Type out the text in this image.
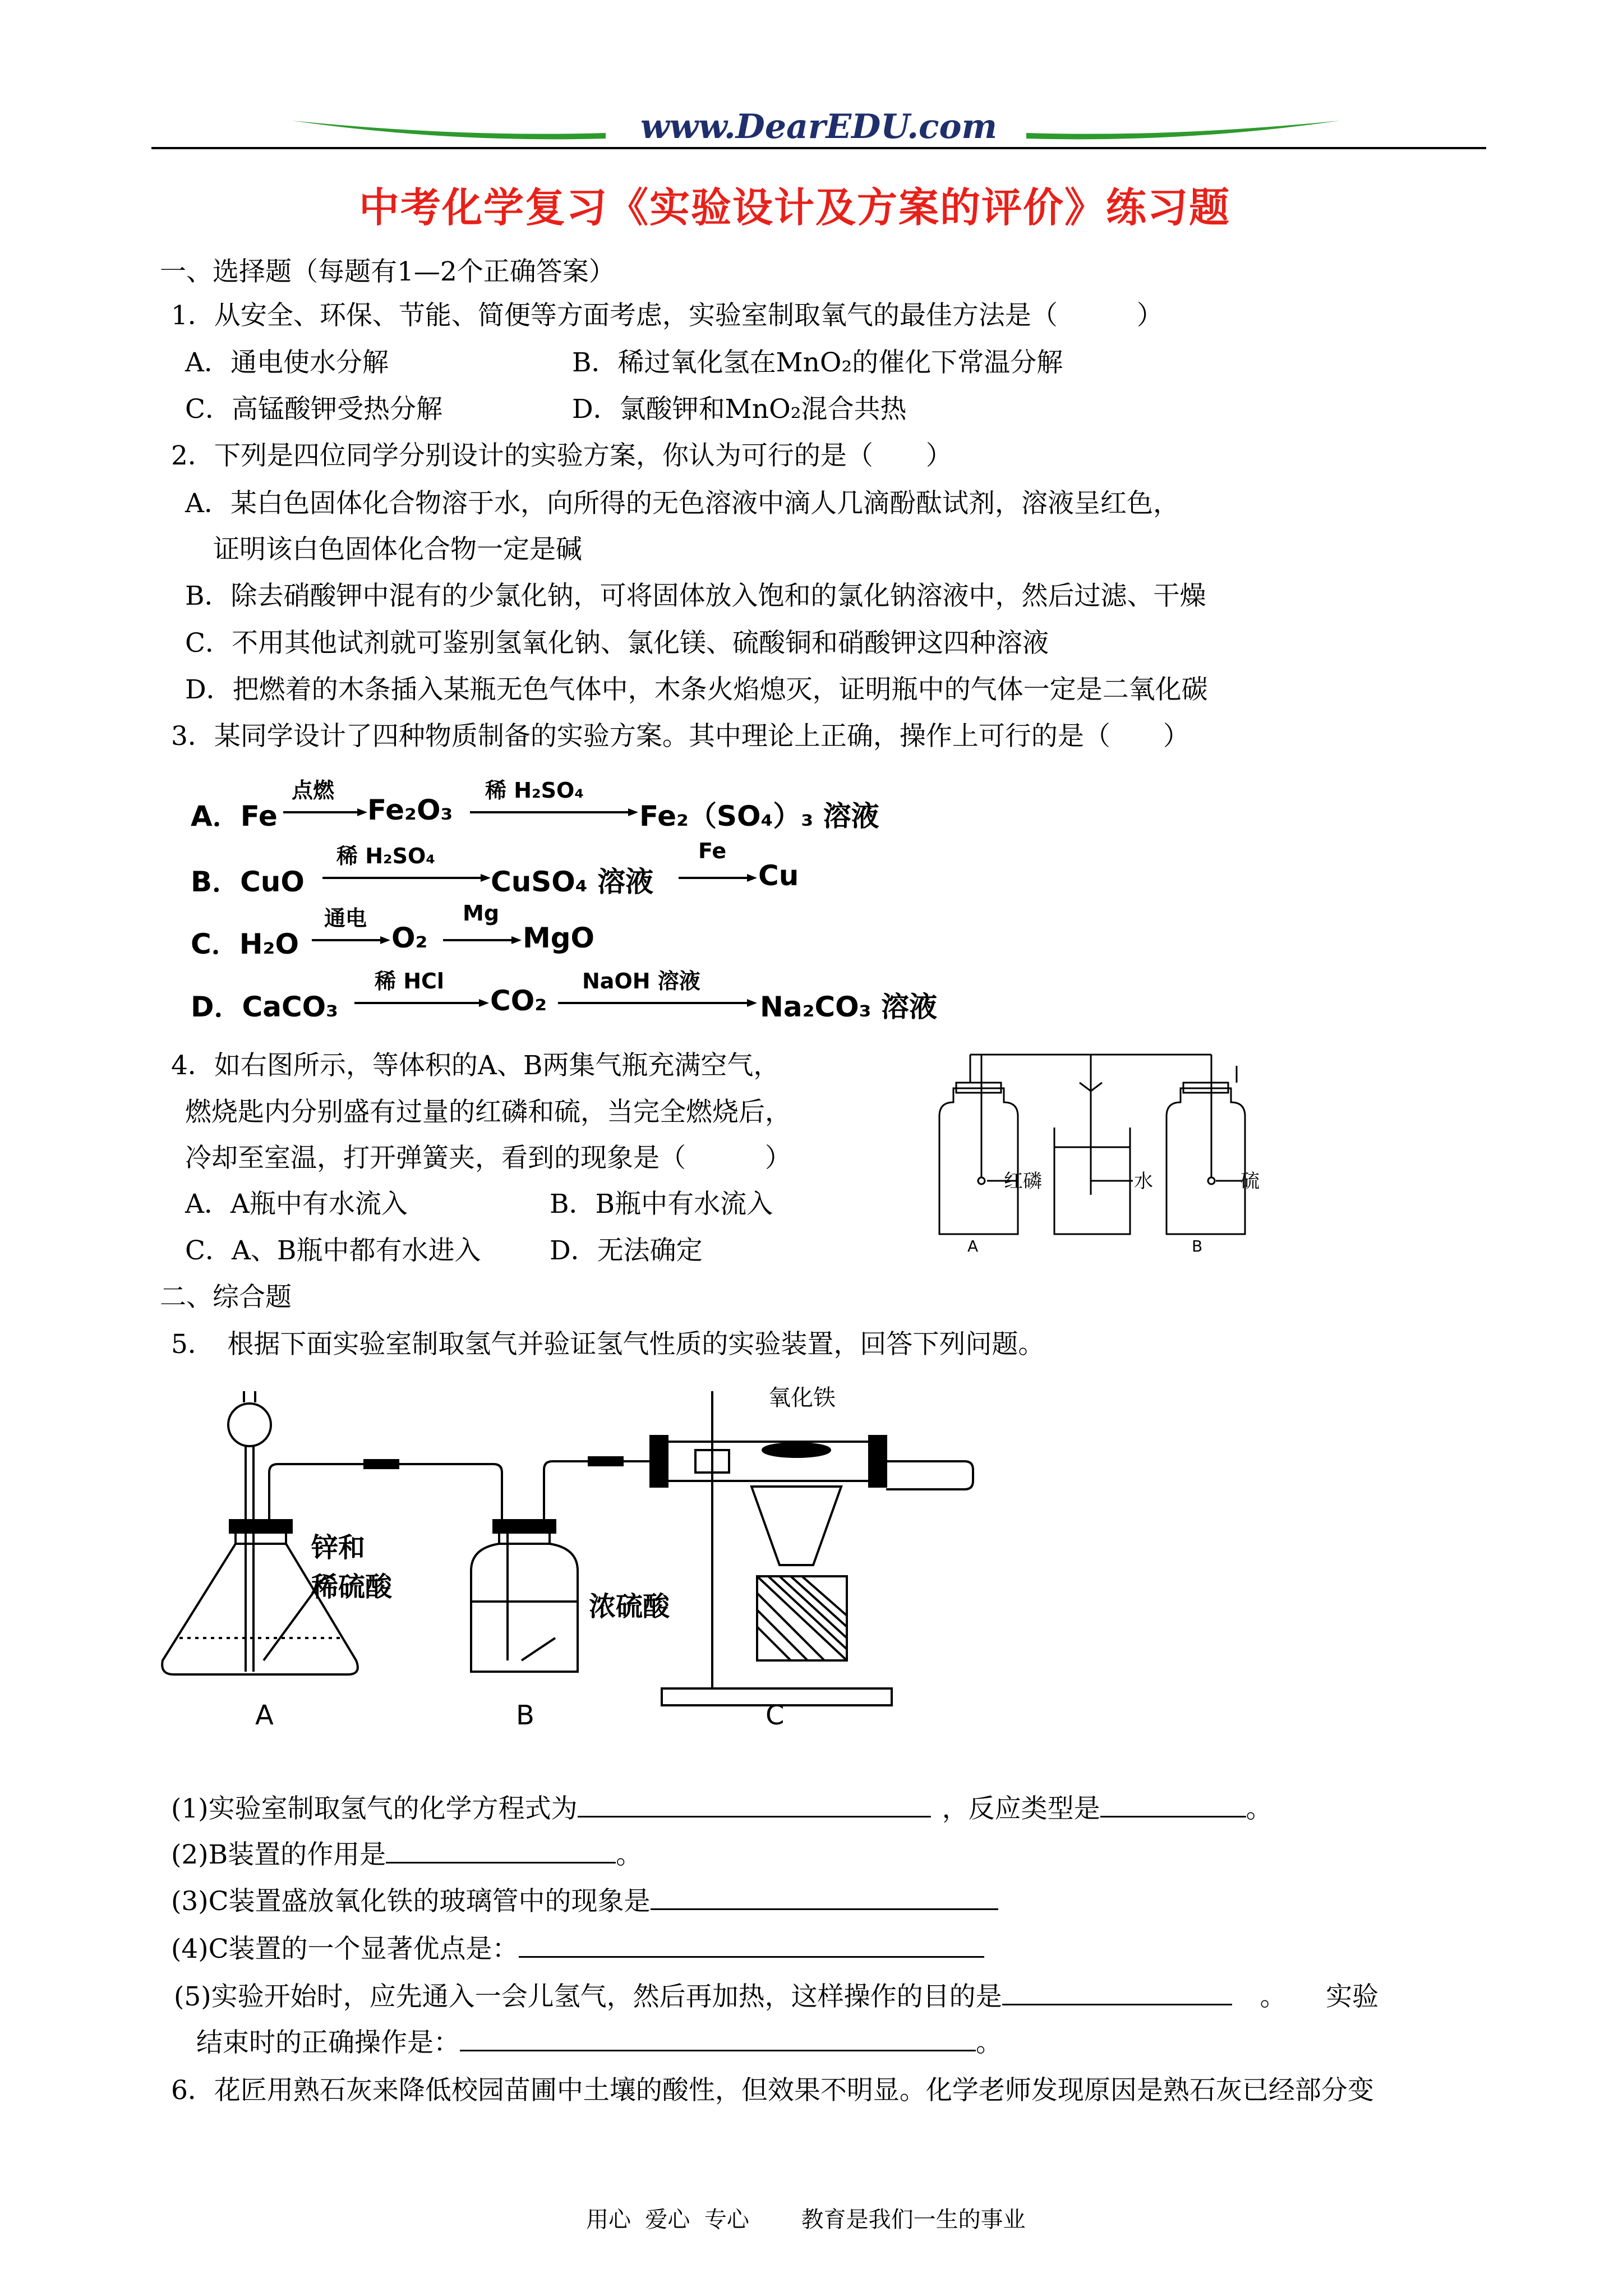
www.DearEDU.com
中考化学复习《实验设计及方案的评价》练习题
一、选择题（每题有1—2个正确答案）
1．从安全、环保、节能、简便等方面考虑，实验室制取氧气的最佳方法是（　　　）
A．通电使水分解	B．稀过氧化氢在MnO₂的催化下常温分解
C．高锰酸钾受热分解	D．氯酸钾和MnO₂混合共热
2．下列是四位同学分别设计的实验方案，你认为可行的是（　　）
A．某白色固体化合物溶于水，向所得的无色溶液中滴人几滴酚酞试剂，溶液呈红色，
证明该白色固体化合物一定是碱
B．除去硝酸钾中混有的少氯化钠，可将固体放入饱和的氯化钠溶液中，然后过滤、干燥
C．不用其他试剂就可鉴别氢氧化钠、氯化镁、硫酸铜和硝酸钾这四种溶液
D．把燃着的木条插入某瓶无色气体中，木条火焰熄灭，证明瓶中的气体一定是二氧化碳
3．某同学设计了四种物质制备的实验方案。其中理论上正确，操作上可行的是（　　）
A．Fe
点燃
Fe₂O₃
稀 H₂SO₄
Fe₂（SO₄）₃ 溶液
B．CuO
稀 H₂SO₄
CuSO₄ 溶液
Fe
Cu
C．H₂O
通电
O₂
Mg
MgO
D．CaCO₃
稀 HCl
CO₂
NaOH 溶液
Na₂CO₃ 溶液
4．如右图所示，等体积的A、B两集气瓶充满空气，
燃烧匙内分别盛有过量的红磷和硫，当完全燃烧后，
冷却至室温，打开弹簧夹，看到的现象是（　　　）
A．A瓶中有水流入	B．B瓶中有水流入
C．A、B瓶中都有水进入	D．无法确定
红磷	水	硫
A	B
二、综合题
5．　根据下面实验室制取氢气并验证氢气性质的实验装置，回答下列问题。
锌和
稀硫酸
浓硫酸
氧化铁
A	B	C
(1)实验室制取氢气的化学方程式为	，反应类型是	。
(2)B装置的作用是	。
(3)C装置盛放氧化铁的玻璃管中的现象是
(4)C装置的一个显著优点是：
(5)实验开始时，应先通入一会儿氢气，然后再加热，这样操作的目的是	。　　实验
结束时的正确操作是：	。
6．花匠用熟石灰来降低校园苗圃中土壤的酸性，但效果不明显。化学老师发现原因是熟石灰已经部分变
用心  爱心  专心　　 教育是我们一生的事业
